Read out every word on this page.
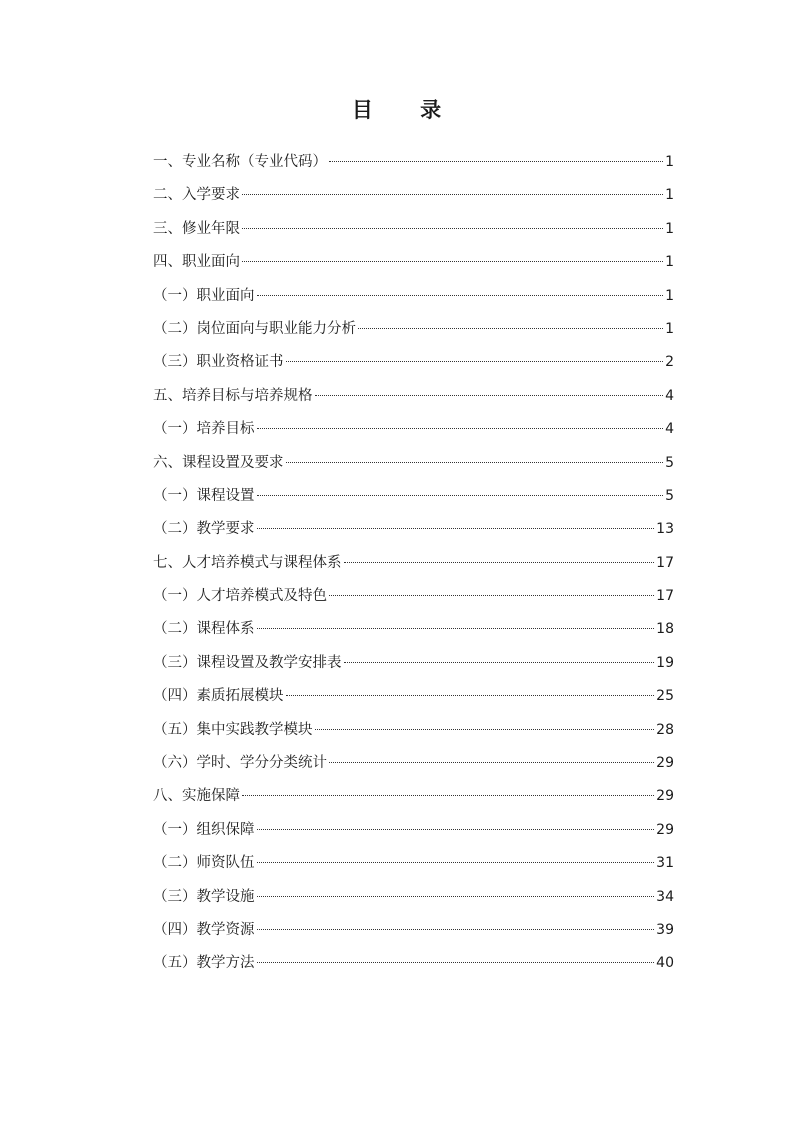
目 录
一、专业名称（专业代码）	1
二、入学要求	1
三、修业年限	1
四、职业面向	1
（一）职业面向	1
（二）岗位面向与职业能力分析	1
（三）职业资格证书	2
五、培养目标与培养规格	4
（一）培养目标	4
六、课程设置及要求	5
（一）课程设置	5
（二）教学要求	13
七、人才培养模式与课程体系	17
（一）人才培养模式及特色	17
（二）课程体系	18
（三）课程设置及教学安排表	19
（四）素质拓展模块	25
（五）集中实践教学模块	28
（六）学时、学分分类统计	29
八、实施保障	29
（一）组织保障	29
（二）师资队伍	31
（三）教学设施	34
（四）教学资源	39
（五）教学方法	40
